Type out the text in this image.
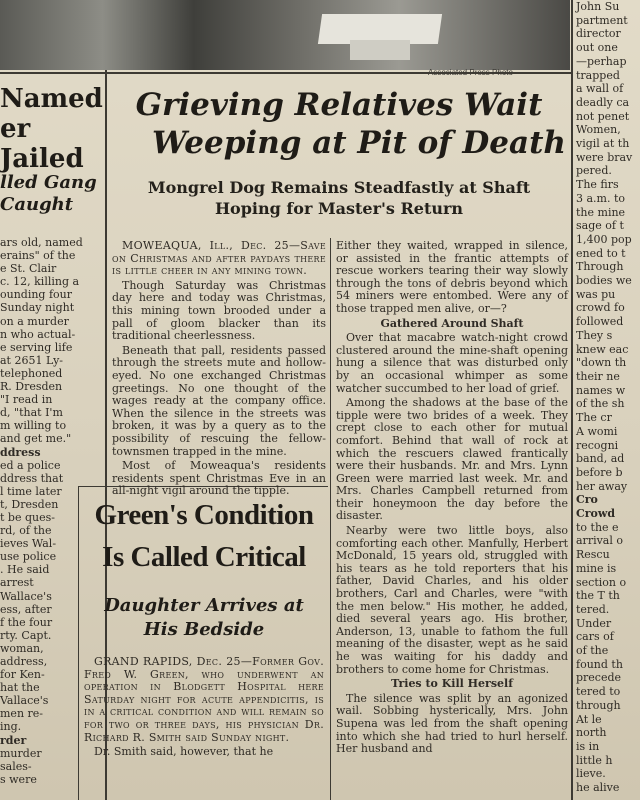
Named
er Jailed
lled Gang
Caught
ars old, named
erains" of the
e St. Clair
c. 12, killing a
ounding four
Sunday night
on a murder
n who actual-
e serving life
at 2651 Ly-
telephoned
R. Dresden
"I read in
d, "that I'm
m willing to
and get me."
ddress
ed a police
ddress that
l time later
t, Dresden
t be ques-
rd, of the
ieves Wal-
use police
. He said
arrest
Wallace's
ess, after
f the four
rty. Capt.
woman,
address,
for Ken-
hat the
Vallace's
men re-
ing.
rder
murder
sales-
s were
Grieving Relatives Wait
Weeping at Pit of Death
Mongrel Dog Remains Steadfastly at Shaft
Hoping for Master's Return

MOWEAQUA, Ill., Dec. 25—Save on Christmas and after paydays there is little cheer in any mining town.

Though Saturday was Christmas day here and today was Christmas, this mining town brooded under a pall of gloom blacker than its traditional cheerlessness.

Beneath that pall, residents passed through the streets mute and hollow-eyed. No one exchanged Christmas greetings. No one thought of the wages ready at the company office. When the silence in the streets was broken, it was by a query as to the possibility of rescuing the fellow-townsmen trapped in the mine.

Most of Moweaqua's residents residents spent Christmas Eve in an all-night vigil around the tipple.

Either they waited, wrapped in silence, or assisted in the frantic attempts of rescue workers tearing their way slowly through the tons of debris beyond which 54 miners were entombed. Were any of those trapped men alive, or—?

Gathered Around Shaft

Over that macabre watch-night crowd clustered around the mine-shaft opening hung a silence that was disturbed only by an occasional whimper as some watcher succumbed to her load of grief.

Among the shadows at the base of the tipple were two brides of a week. They crept close to each other for mutual comfort. Behind that wall of rock at which the rescuers clawed frantically were their husbands. Mr. and Mrs. Lynn Green were married last week. Mr. and Mrs. Charles Campbell returned from their honeymoon the day before the disaster.

Nearby were two little boys, also comforting each other. Manfully, Herbert McDonald, 15 years old, struggled with his tears as he told reporters that his father, David Charles, and his older brothers, Carl and Charles, were "with the men below." His mother, he added, died several years ago. His brother, Anderson, 13, unable to fathom the full meaning of the disaster, wept as he said he was waiting for his daddy and brothers to come home for Christmas.

Tries to Kill Herself

The silence was split by an agonized wail. Sobbing hysterically, Mrs. John Supena was led from the shaft opening into which she had tried to hurl herself. Her husband and

Green's Condition
Is Called Critical
Daughter Arrives at
His Bedside

GRAND RAPIDS, Dec. 25—Former Gov. Fred W. Green, who underwent an operation in Blodgett Hospital here Saturday night for acute appendicitis, is in a critical condition and will remain so for two or three days, his physician Dr. Richard R. Smith said Sunday night.

Dr. Smith said, however, that he

John Su
partment
director
out one
—perhap
trapped
a wall of
deadly ca
not penet
Women,
vigil at th
were brav
pered.
The firs
3 a.m. to
the mine
sage of t
1,400 pop
ened to t
Through
bodies we
was pu
crowd fo
followed
They s
knew eac
"down th
their ne
names w
of the sh
The cr
A womi
recogni
band, ad
before b
her away
Cro
Crowd
to the e
arrival o
Rescu
mine is
section o
the T th
tered.
Under
cars of
of the
found th
precede
tered to
through
At le
north
is in
little h
lieve.
he alive
